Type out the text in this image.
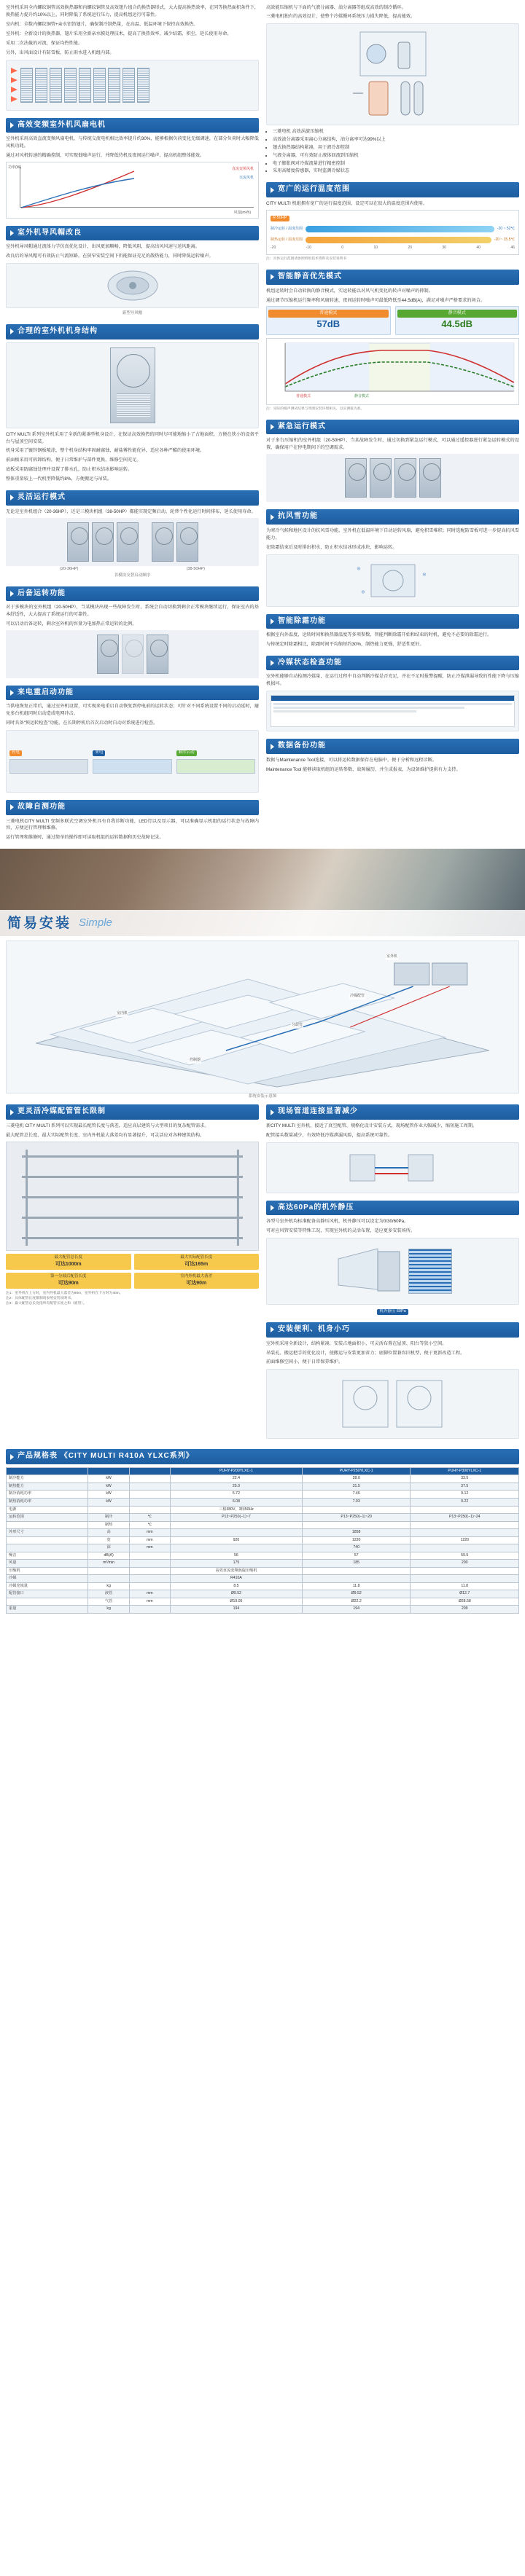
室外机采用全内螺纹铜管高效换热器和内螺纹铜管及高效翅片组合的换热器形式，大大提高换热效率，在同等换热面积条件下，换热能力提升约10%以上，同时降低了系统运行压力，提高机组运行可靠性。

室内机：全数内螺纹铜管+亲水铝箔翅片，确保制冷制热量，在高温、低温环境下保持高效换热。

室外机：全新设计的换热器，翅片采用全新亲水膜处理技术，提高了换热效率，减少结霜、积尘，延长使用寿命。

采用二次法截的对流，保证均热性能。

另外，出风面设计有防雪板，防止雨水进入机组内部。

高效变频室外机风扇电机

室外机采用高效直流变频风扇电机，与传统交流电机相比效率提升约30%，能够根据负荷变化无级调速，在部分负荷时大幅降低风机功耗。

通过对风机转速的精确控制，可实现低噪声运行，并降低待机及夜间运行噪声，提高机组整体能效。

直流变频风机
交流风机
风量(m³/h)
功率(W)
室外机导风帽改良

室外机导风帽通过流体力学仿真优化设计，出风更加顺畅，降低风阻，提高出风风速与送风距离。

改良后的导风帽可有效防止气流短路，在狭窄安装空间下仍能保证充足的散热能力，同时降低运转噪声。

新型导风帽
合理的室外机机身结构

CITY MULTI 系列室外机采用了全新的紧凑型机身设计，在保证高效换热的同时尽可能地缩小了占地面积，方便在狭小的设备平台与屋顶空间安装。

机身采用了镀锌钢板喷涂，整个机身结构牢固耐腐蚀，耐盐雾性能优异，适应各种严酷的使用环境。

前面板采用可拆卸结构，便于日常维护与部件更换，维修空间充足。

底板采用防腐蚀处理并设置了排水孔，防止积水结冰影响运转。

整体重量较上一代机型降低约8%，方便搬运与吊装。

灵活运行模式

无论是室外机组合（20-36HP），还是三模块机组（38-50HP）都能实现定频启动、轮替个性化运行时间排布，延长使用寿命。

(20-36HP)	(38-50HP)
各模块交替启动顺序
后备运转功能

对于多模块的室外机组（20-50HP），当某模块出现一些故障发生时，系统会自动切换到剩余正常模块继续运行，保证室内的基本舒适性，大大提高了系统运行的可靠性。

可以启动后备运转，剩余室外机的容量为电加热正常运转的比例。

来电重启动功能

当供电恢复正常后，通过室外机设置，可实现来电重启自动恢复到停电前的运转状态；可针对不同系统设置不同的启动延时，避免多台机组同时启动造成电网冲击。

同时具备“预运转检查”功能，在长期停机后首次启动时自动对系统进行检查。

停电	来电	顺序启动
故障自测功能

三菱电机CITY MULTI 变频多联式空调室外机具有自我诊断功能，LED灯以及显示器，可以准确显示机组的运行状态与故障内容，方便运行管理和维修。

运行管理和维修时，通过简单的操作即可读取机组的运转数据和历史故障记录。

高效能压缩机与下面的气液分离器、油分离器等组成高效的制冷循环。

三菱电机独有的高效设计，使整个冷媒循环系统压力损失降低，提高能效。

• 三菱电机 高效涡旋压缩机
• 高效油分离器采用离心分离结构，油分离率可达99%以上
• 翅式换热器结构紧凑，用于液冷却控制
• 气液分离器，可有效防止液体回流到压缩机
• 电子膨胀阀对冷媒流量进行精密控制
• 采用高精度传感器，实时监测冷媒状态
宽广的运行温度范围

CITY MULTI 机组拥有宽广的运行温度范围，设定可以在很大的温度范围内使用。

R-50HP
制冷运转 / 温度范围	-20 ~ 52℃
制热运转 / 温度范围	-20 ~ 15.5℃
-20	-10	0	10	20	30	40	46
注：具体运行范围请参照机组技术资料及安装说明书
智能静音优先模式

机组运转时会自动转换的静音模式，实运转能以对风气机变化的转声对噪声的抑制。

通过调节压缩机运行频率和风扇转速，夜间运转时噪声可最低降低至44.5dB(A)，满足对噪声严格要求的场合。

普通模式
57dB
静音模式
44.5dB
普通模式	静音模式
注：实际的噪声测试结果与周围安装环境相关，以实测值为准。
紧急运行模式

对于多台压缩机的室外机组（20-50HP），当某故障发生时，通过切换到紧急运行模式，可以通过遥控器进行紧急运转模式的设置，确保用户在停电期间下的空调需求。

抗风雪功能

为寒冷气候和地区设计的抗风雪功能，室外机在低温环境下自动运转风扇，避免积雪堆积；同时选配防雪板可进一步提高抗风雪能力。

在除霜结束后及时排出积水，防止积水结冰形成冰块，影响运转。

❄
❄
❄
智能除霜功能

根据室内外温度、运转时间和换热器温度等多项参数，智能判断除霜开始和结束的时机，避免不必要的除霜运行。

与传统定时除霜相比，除霜时间平均缩短约30%，制热能力更强、舒适性更好。

冷媒状态检查功能

室外机能够自动检测冷媒量，在运行过程中自动判断冷媒是否充足，并在不足时报警提醒，防止冷媒泄漏导致的性能下降与压缩机损坏。

数据备份功能

数据与Maintenance Tool连接，可以将运转数据保存在电脑中，便于分析和远程诊断。

Maintenance Tool 能够读取机组的运转参数、故障履历，并生成报表，为设备维护提供有力支持。

简易安装 Simple
室外机
室内机
分歧管
控制器
冷媒配管
系统安装示意图
更灵活冷媒配管管长限制

三菱电机 CITY MULTI 系列可以实现最长配管长度与落差，适应高层建筑与大型项目的复杂配管需求。

最大配管总长度、最大实际配管长度、室内外机最大落差均有显著提升，可灵活应对各种建筑结构。

最大配管总长度
可达1000m
最大实际配管长度
可达165m
第一分歧后配管长度
可达90m
室内外机最大落差
可达90m
注1：室外机在上方时，室内外机最大落差为90m，室外机在下方时为40m。
注2：具体配管长度限制请参照安装说明书。
注3：最大配管总长度指所有配管长度之和（液管）。
现场管道连接显著减少

新CITY MULTI 室外机，接近了真空配管、规格化设计安装方式，现场配管作业大幅减少，缩短施工周期。

配管接头数量减少，有效降低冷媒泄漏风险，提高系统可靠性。

高达60Pa的机外静压

各型号室外机均标准配备高静压风机，机外静压可以设定为0/30/60Pa。

可对应风管安装等特殊工况，实现室外机的灵活布置，适应更多安装场所。

机外静压 60Pa
安装便利、机身小巧

室外机采用全新设计，结构紧凑，安装占地面积小，可灵活布置在屋顶、阳台等狭小空间。

吊装孔、搬运把手的优化设计，使搬运与安装更加省力；底脚位置兼容旧机型，便于更新改造工程。

前面维修空间小，便于日常保养维护。

产品规格表 《CITY MULTI R410A YLXC系列》
			PUHY-P200YLXC-1	PUHY-P250YLXC-1	PUHY-P300YLXC-1
制冷能力	kW		22.4	28.0	33.5
制热能力	kW		25.0	31.5	37.5
制冷消耗功率	kW		5.72	7.46	9.12
制热消耗功率	kW		6.08	7.03	9.22
电源			三相380V，3相50Hz		
运转范围	制冷	℃	P13~P250(−1)~7	P13~P250(−1)~20	P13~P250(−1)~24
	制热	℃			
外形尺寸	高	mm		1858	
	宽	mm	920	1220	1220
	深	mm		740	
噪音	dB(A)		56	57	59.5
风量	m³/min		175	185	200
压缩机			高效直流变频涡旋压缩机		
冷媒			R410A		
冷媒充填量	kg		8.5	11.8	11.8
配管接口	液管	mm	Ø9.52	Ø9.52	Ø12.7
	气管	mm	Ø19.05	Ø22.2	Ø28.58
重量	kg		194	194	209
